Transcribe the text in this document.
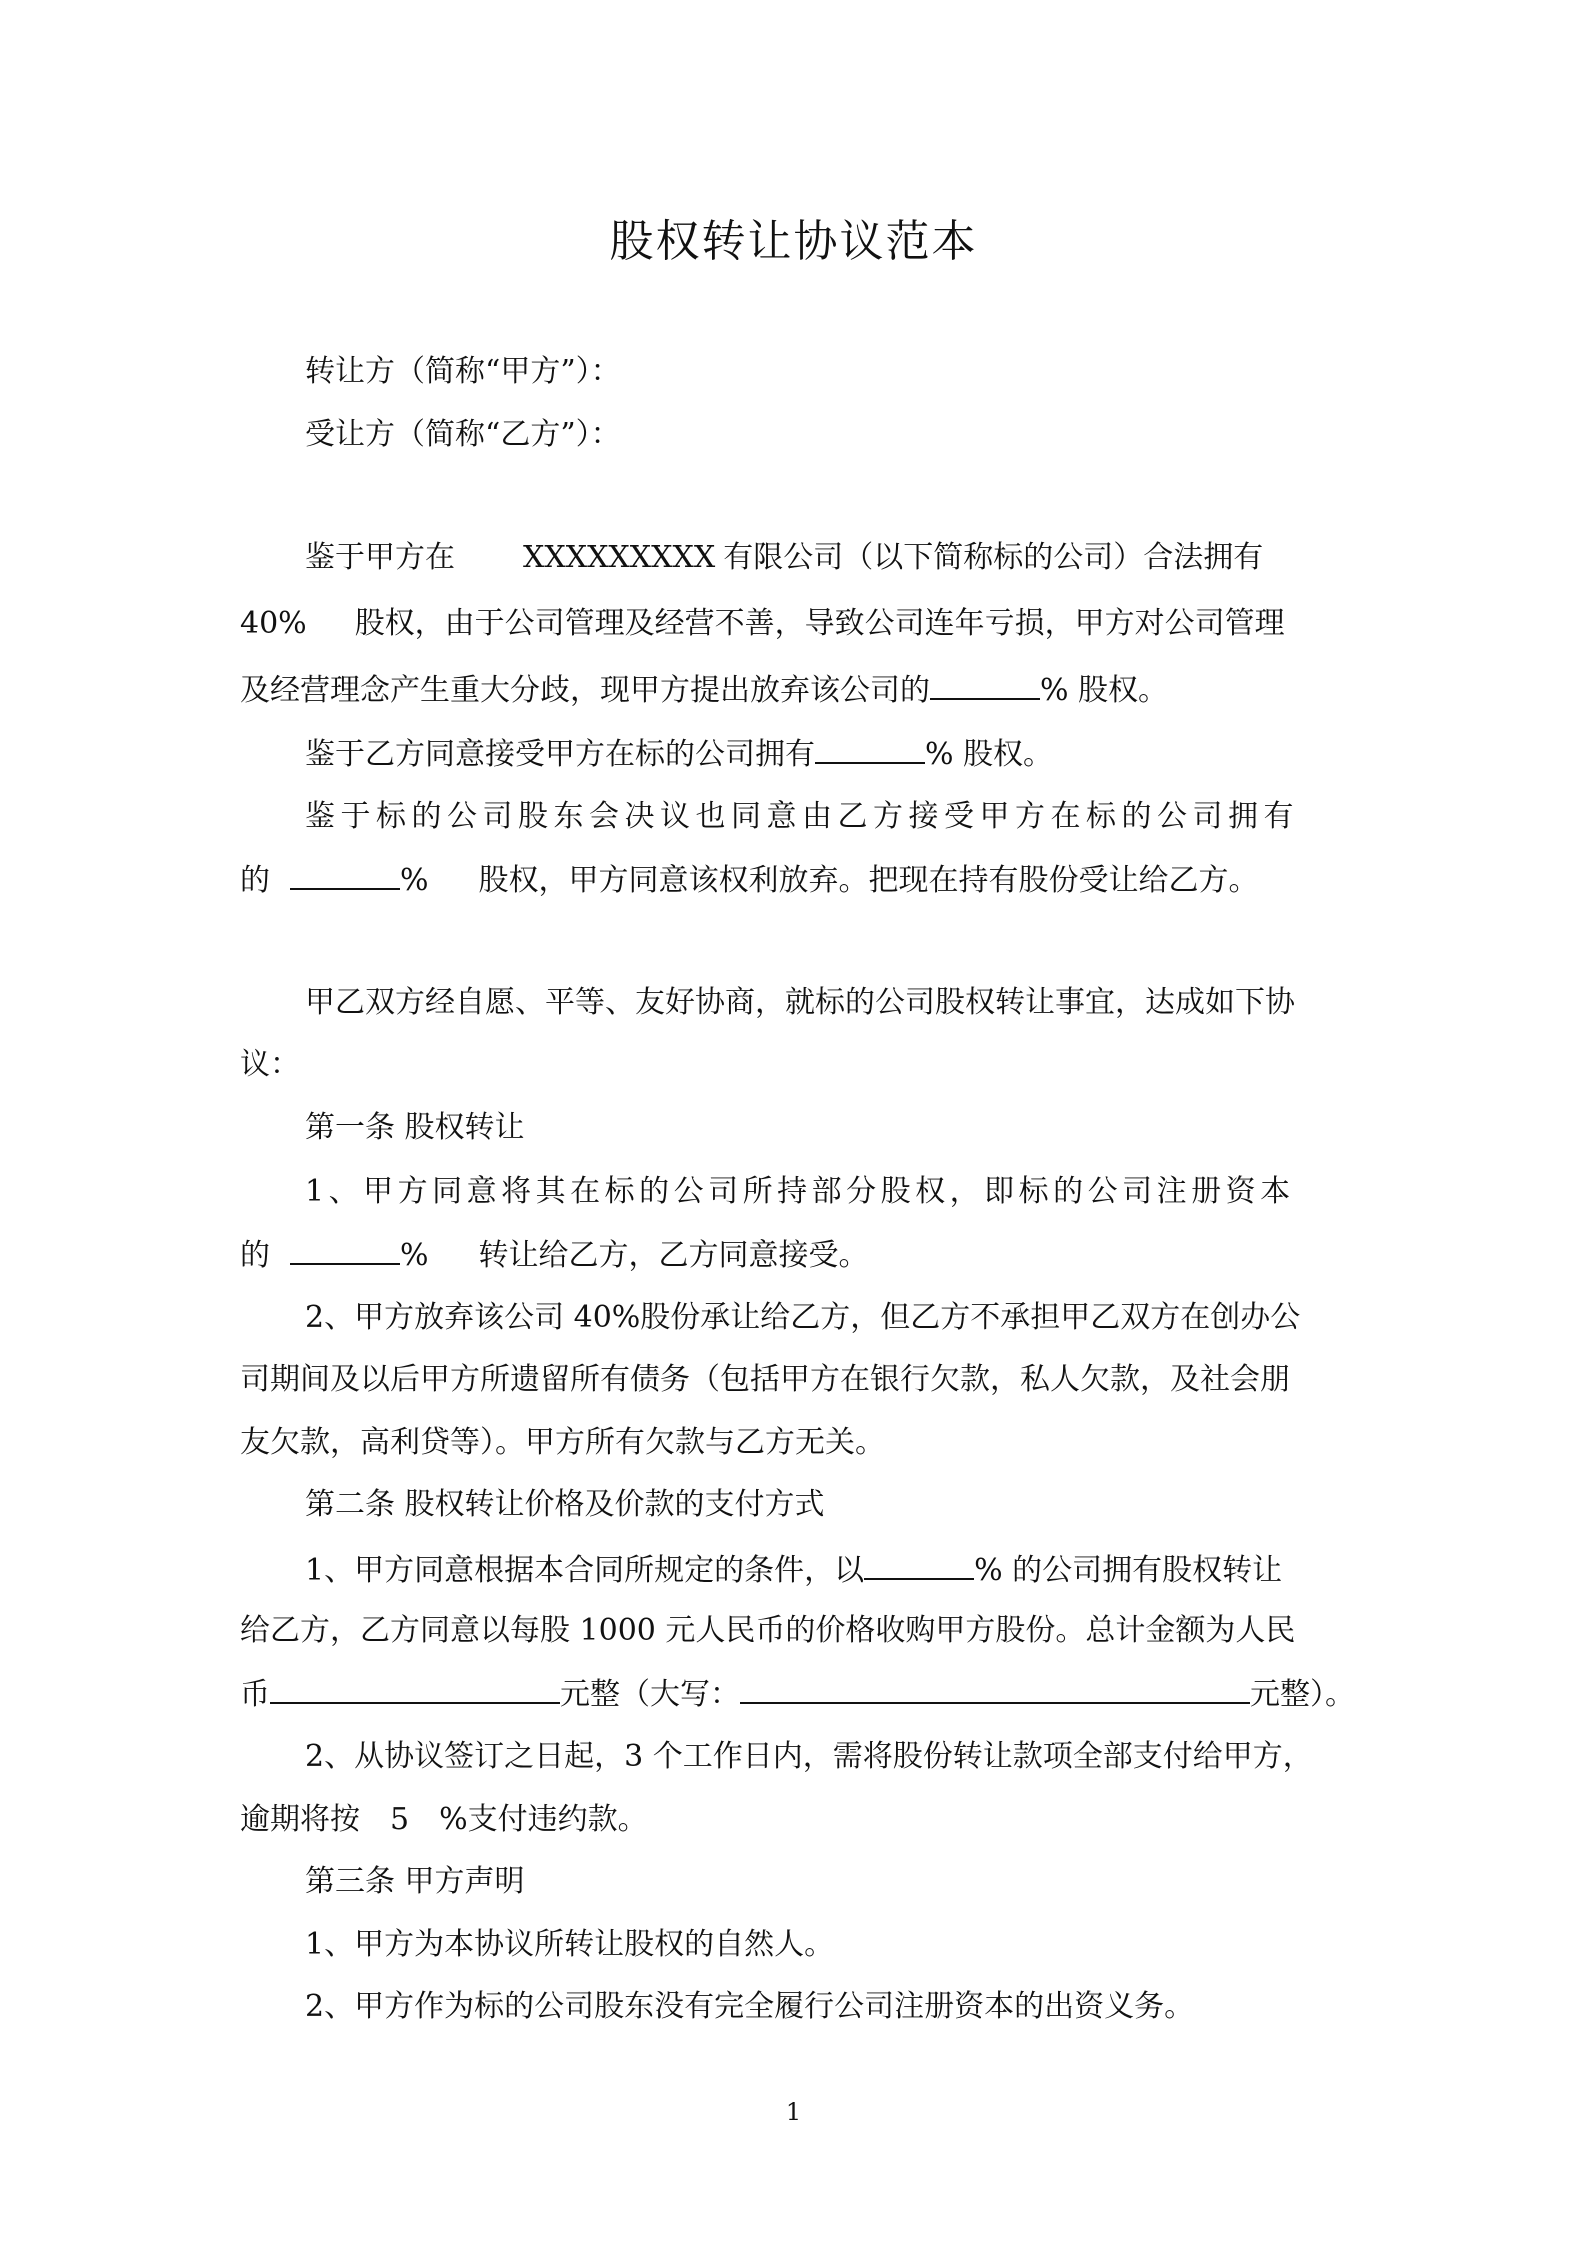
股权转让协议范本
转让方（简称“甲方”）：
受让方（简称“乙方”）：
鉴于甲方在 XXXXXXXXX 有限公司（以下简称标的公司）合法拥有
40% 股权，由于公司管理及经营不善，导致公司连年亏损，甲方对公司管理
及经营理念产生重大分歧，现甲方提出放弃该公司的	% 股权。
鉴于乙方同意接受甲方在标的公司拥有	% 股权。
鉴于标的公司股东会决议也同意由乙方接受甲方在标的公司拥有
的	% 股权，甲方同意该权利放弃。把现在持有股份受让给乙方。
甲乙双方经自愿、平等、友好协商，就标的公司股权转让事宜，达成如下协
议：
第一条 股权转让
1、甲方同意将其在标的公司所持部分股权，即标的公司注册资本
的	% 转让给乙方，乙方同意接受。
2、甲方放弃该公司 40%股份承让给乙方，但乙方不承担甲乙双方在创办公
司期间及以后甲方所遗留所有债务（包括甲方在银行欠款，私人欠款，及社会朋
友欠款，高利贷等）。甲方所有欠款与乙方无关。
第二条 股权转让价格及价款的支付方式
1、甲方同意根据本合同所规定的条件，以	% 的公司拥有股权转让
给乙方，乙方同意以每股 1000 元人民币的价格收购甲方股份。总计金额为人民
币	元整（大写：	元整）。
2、从协议签订之日起，3 个工作日内，需将股份转让款项全部支付给甲方，
逾期将按 5 %支付违约款。
第三条 甲方声明
1、甲方为本协议所转让股权的自然人。
2、甲方作为标的公司股东没有完全履行公司注册资本的出资义务。
1
